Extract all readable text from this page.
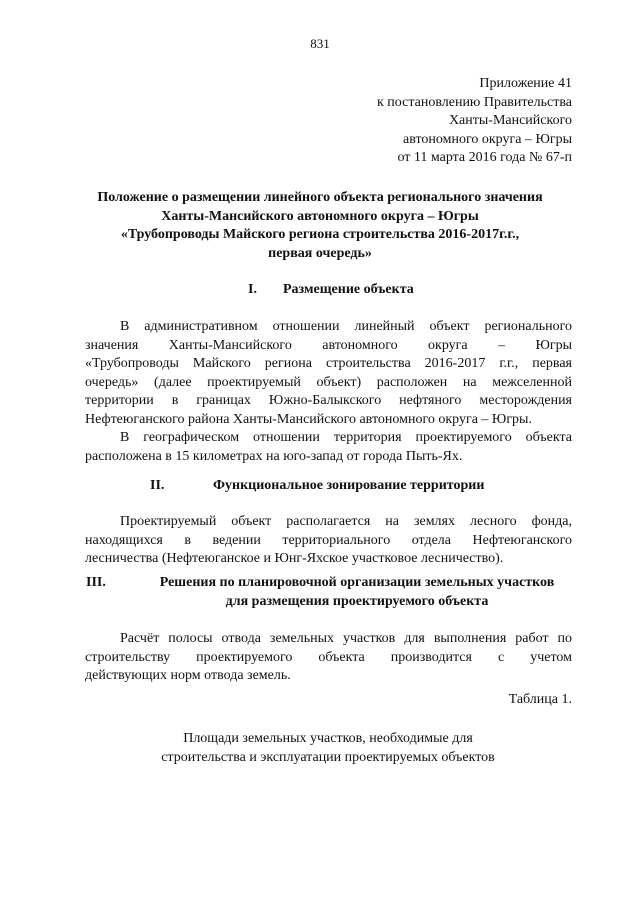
831
Приложение 41
к постановлению Правительства
Ханты-Мансийского
автономного округа – Югры
от 11 марта 2016 года № 67-п
Положение о размещении линейного объекта регионального значения
Ханты-Мансийского автономного округа – Югры
«Трубопроводы Майского региона строительства 2016-2017г.г.,
первая очередь»
I. Размещение объекта
В административном отношении линейный объект регионального
значения Ханты-Мансийского автономного округа – Югры
«Трубопроводы Майского региона строительства 2016-2017 г.г., первая
очередь» (далее проектируемый объект) расположен на межселенной
территории в границах Южно-Балыкского нефтяного месторождения
Нефтеюганского района Ханты-Мансийского автономного округа – Югры.
В географическом отношении территория проектируемого объекта
расположена в 15 километрах на юго-запад от города Пыть-Ях.
II.	Функциональное зонирование территории
Проектируемый объект располагается на землях лесного фонда,
находящихся в ведении территориального отдела Нефтеюганского
лесничества (Нефтеюганское и Юнг-Яхское участковое лесничество).
III.	Решения по планировочной организации земельных участков
для размещения проектируемого объекта
Расчёт полосы отвода земельных участков для выполнения работ по
строительству проектируемого объекта производится с учетом
действующих норм отвода земель.
Таблица 1.
Площади земельных участков, необходимые для
строительства и эксплуатации проектируемых объектов
